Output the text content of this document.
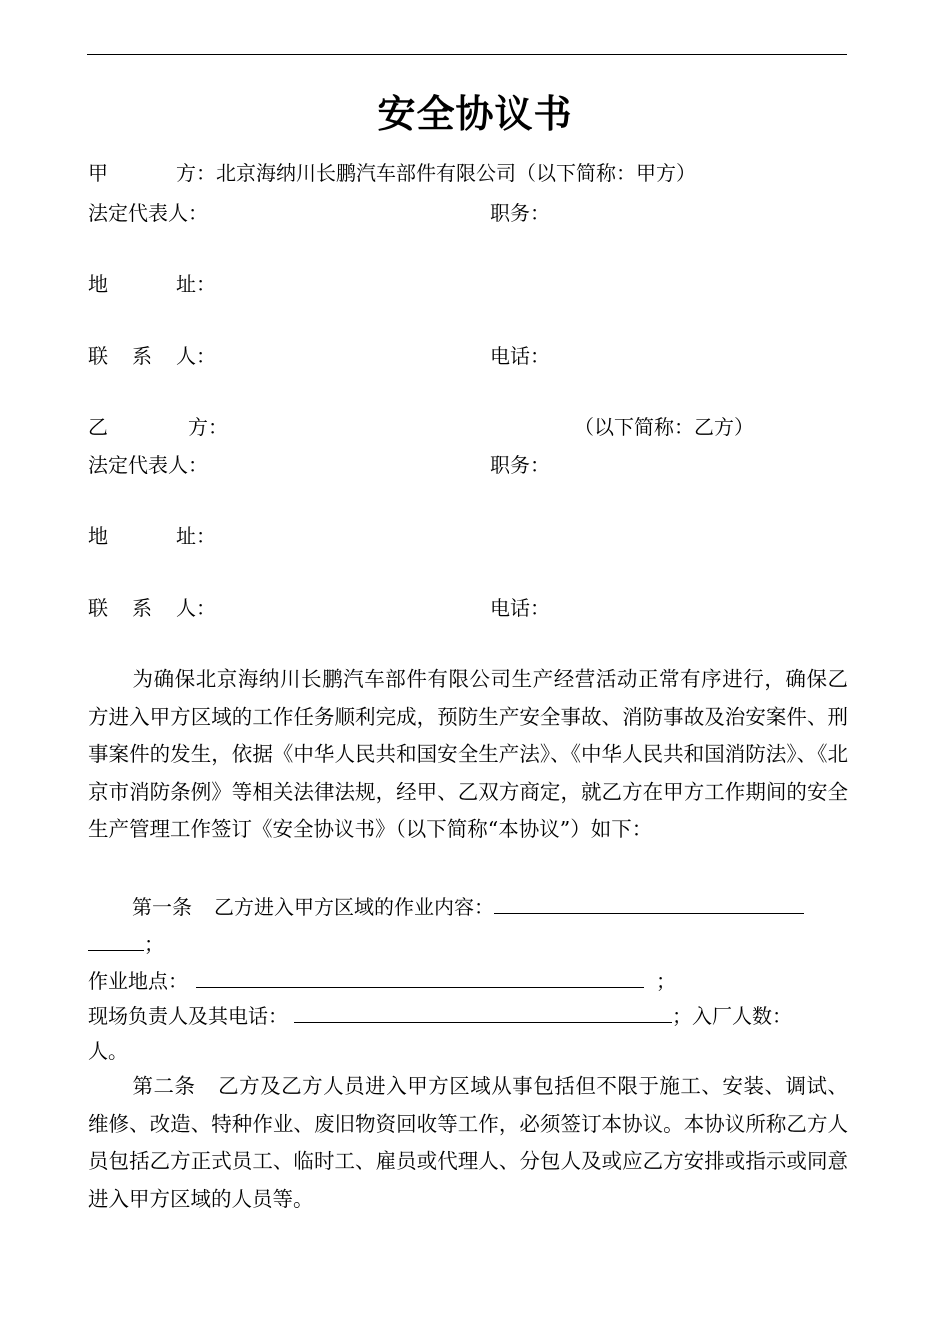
安全协议书
甲	方：北京海纳川长鹏汽车部件有限公司（以下简称：甲方）
法定代表人：	职务：
地	址：
联 系 人：	电话：
乙	方：	（以下简称：乙方）
法定代表人：	职务：
地	址：
联 系 人：	电话：
为确保北京海纳川长鹏汽车部件有限公司生产经营活动正常有序进行，确保乙方进入甲方区域的工作任务顺利完成，预防生产安全事故、消防事故及治安案件、刑事案件的发生，依据《中华人民共和国安全生产法》、《中华人民共和国消防法》、《北京市消防条例》等相关法律法规，经甲、乙双方商定，就乙方在甲方工作期间的安全生产管理工作签订《安全协议书》（以下简称“本协议”）如下：
第一条 乙方进入甲方区域的作业内容：
；
作业地点：	；
现场负责人及其电话：	；入厂人数：
人。
第二条 乙方及乙方人员进入甲方区域从事包括但不限于施工、安装、调试、维修、改造、特种作业、废旧物资回收等工作，必须签订本协议。本协议所称乙方人员包括乙方正式员工、临时工、雇员或代理人、分包人及或应乙方安排或指示或同意进入甲方区域的人员等。
